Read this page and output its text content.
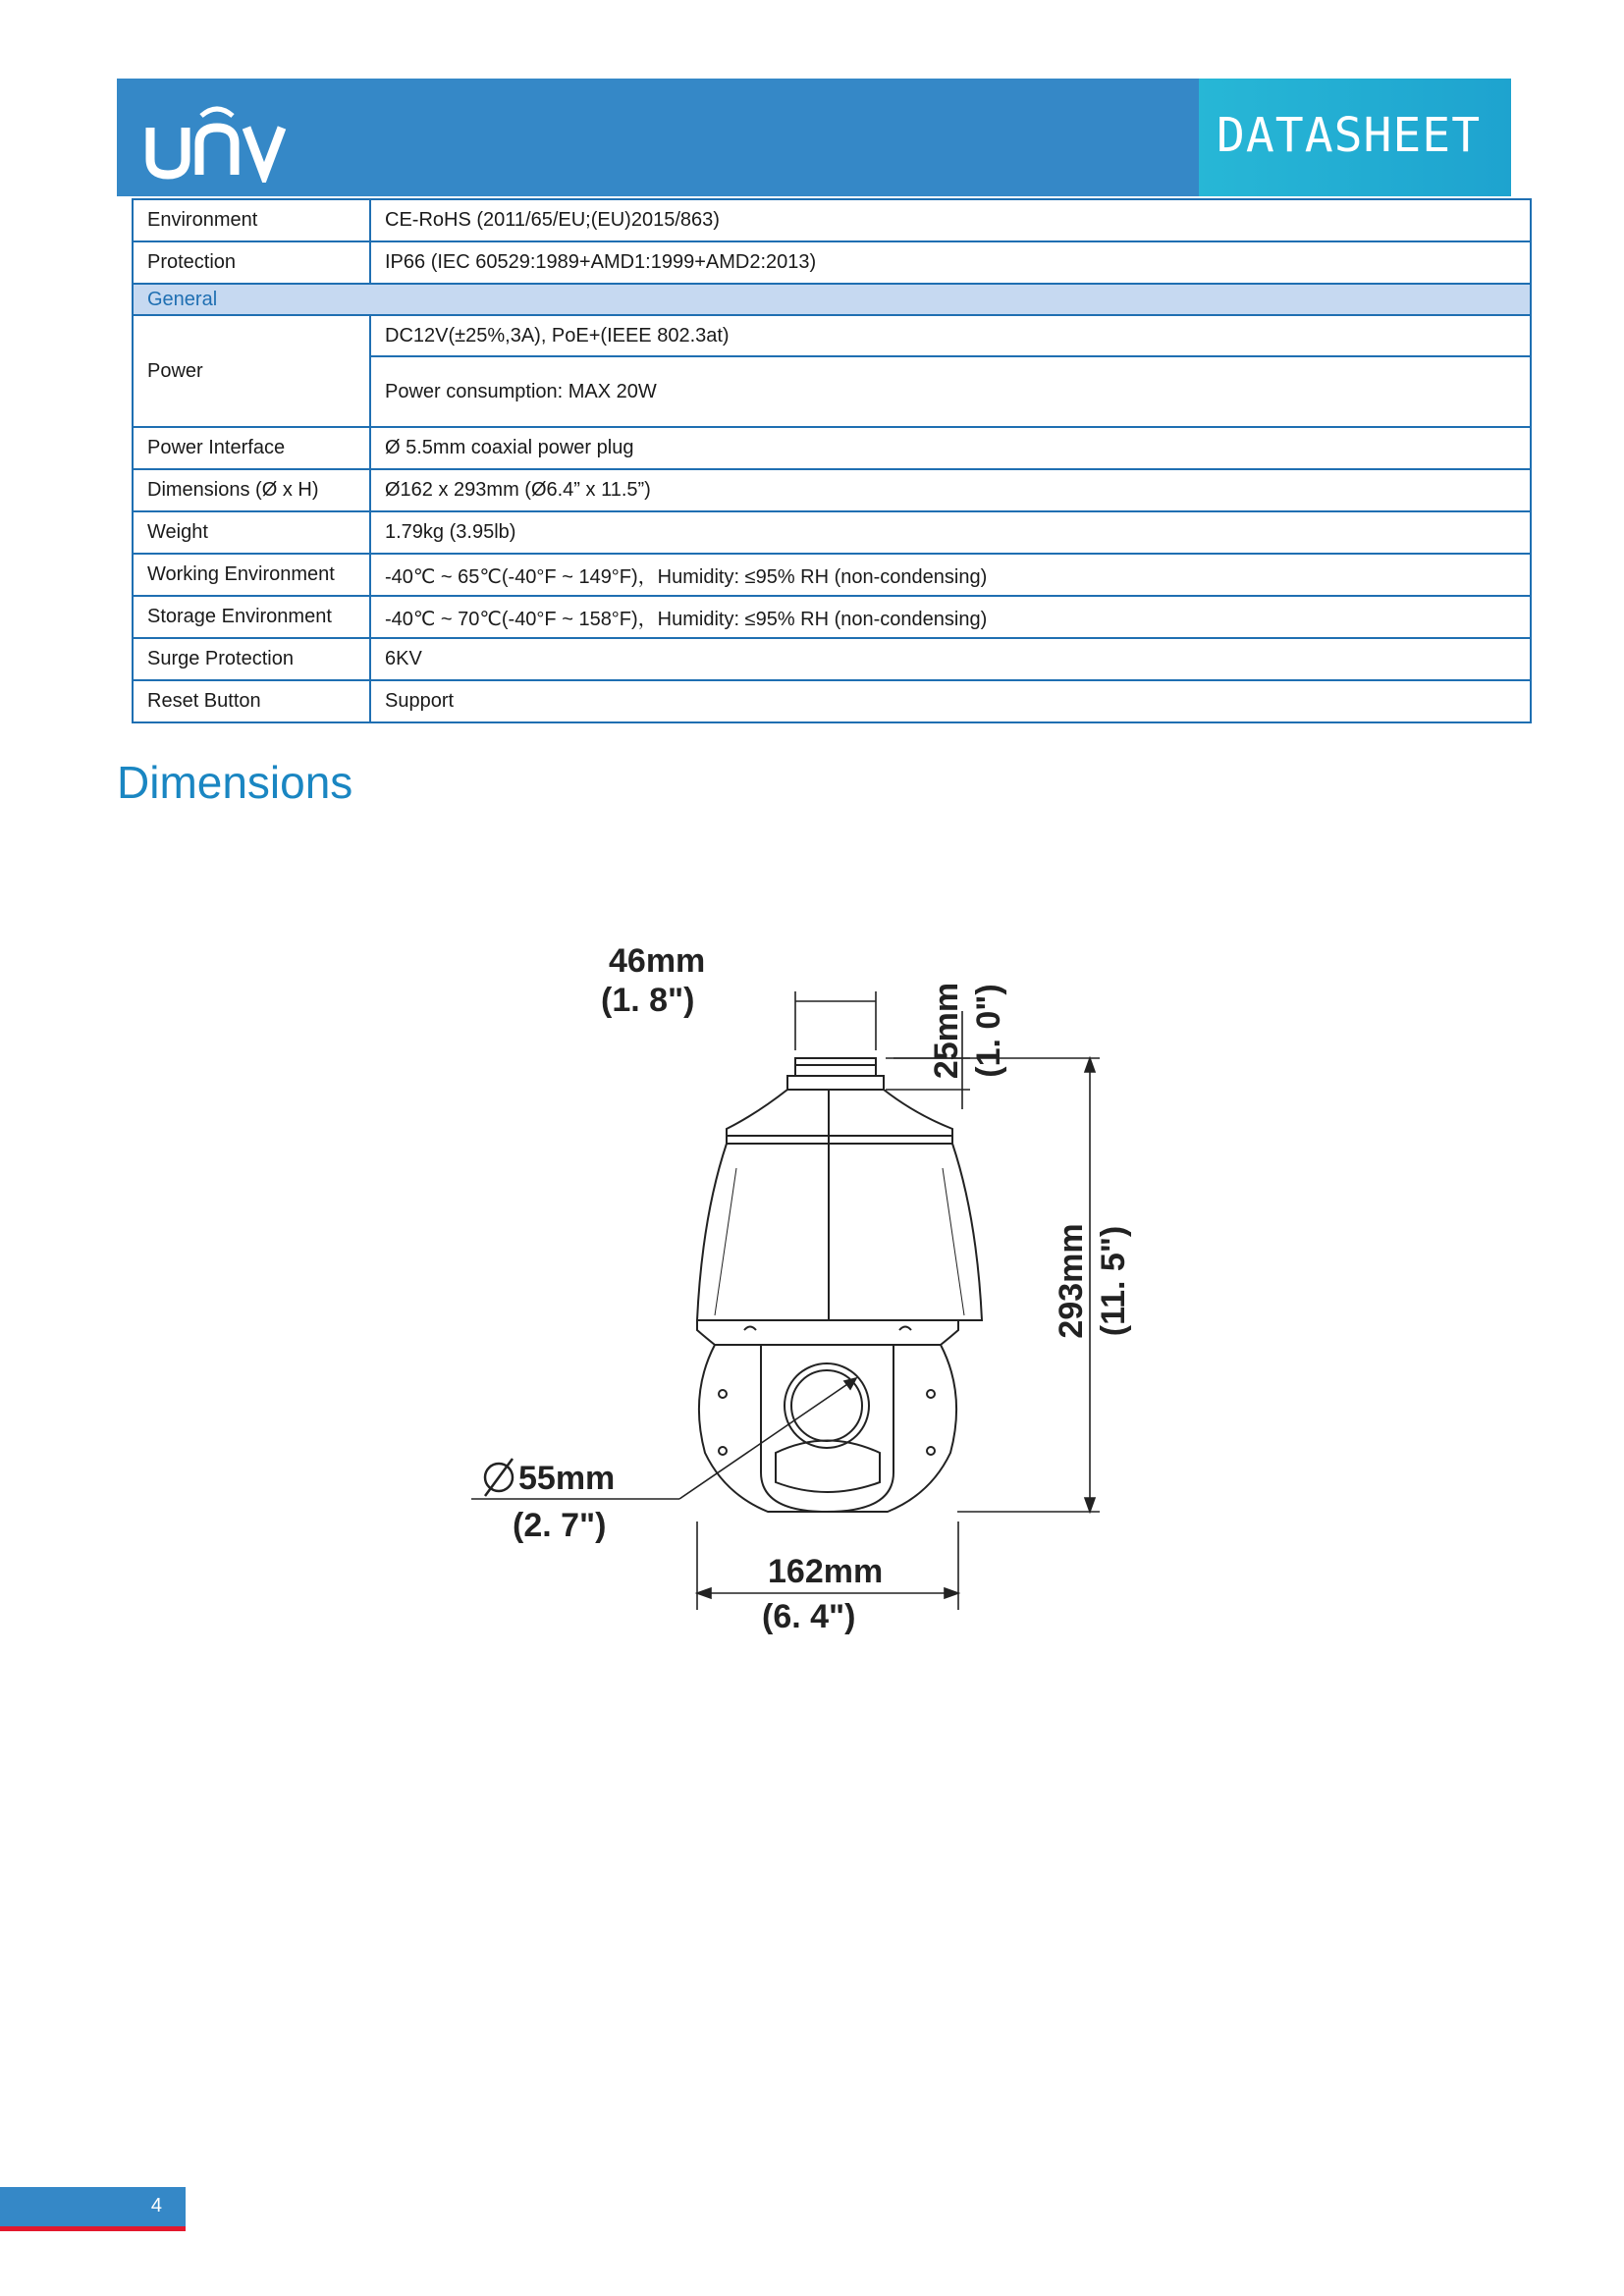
DATASHEET
Environment	CE-RoHS (2011/65/EU;(EU)2015/863)
Protection	IP66 (IEC 60529:1989+AMD1:1999+AMD2:2013)
General	
Power	DC12V(±25%,3A), PoE+(IEEE 802.3at)
	Power consumption: MAX 20W
Power Interface	Ø 5.5mm coaxial power plug
Dimensions (Ø x H)	Ø162 x 293mm (Ø6.4” x 11.5”)
Weight	1.79kg (3.95lb)
Working Environment	-40℃ ~ 65℃(-40°F ~ 149°F)，Humidity: ≤95% RH (non-condensing)
Storage Environment	-40℃ ~ 70℃(-40°F ~ 158°F)，Humidity: ≤95% RH (non-condensing)
Surge Protection	6KV
Reset Button	Support
Dimensions
46mm
(1. 8")	25mm (1. 0")
293mm (11. 5")
55mm
(2. 7")
162mm
(6. 4")
4
